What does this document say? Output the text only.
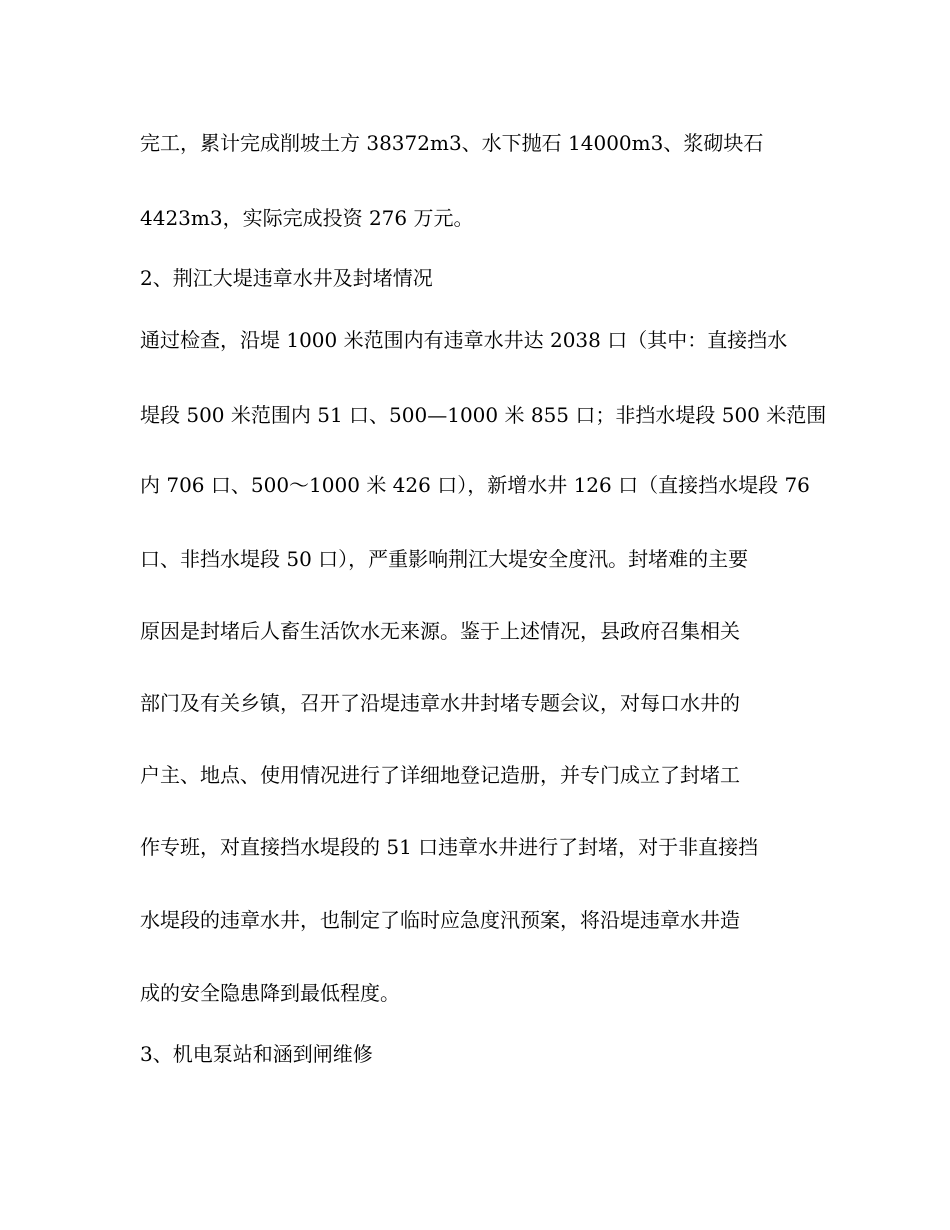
完工，累计完成削坡土方 38372m3、水下抛石 14000m3、浆砌块石
4423m3，实际完成投资 276 万元。
2、荆江大堤违章水井及封堵情况
通过检查，沿堤 1000 米范围内有违章水井达 2038 口（其中：直接挡水
堤段 500 米范围内 51 口、500—1000 米 855 口；非挡水堤段 500 米范围
内 706 口、500～1000 米 426 口），新增水井 126 口（直接挡水堤段 76
口、非挡水堤段 50 口），严重影响荆江大堤安全度汛。封堵难的主要
原因是封堵后人畜生活饮水无来源。鉴于上述情况，县政府召集相关
部门及有关乡镇，召开了沿堤违章水井封堵专题会议，对每口水井的
户主、地点、使用情况进行了详细地登记造册，并专门成立了封堵工
作专班，对直接挡水堤段的 51 口违章水井进行了封堵，对于非直接挡
水堤段的违章水井，也制定了临时应急度汛预案，将沿堤违章水井造
成的安全隐患降到最低程度。
3、机电泵站和涵到闸维修
